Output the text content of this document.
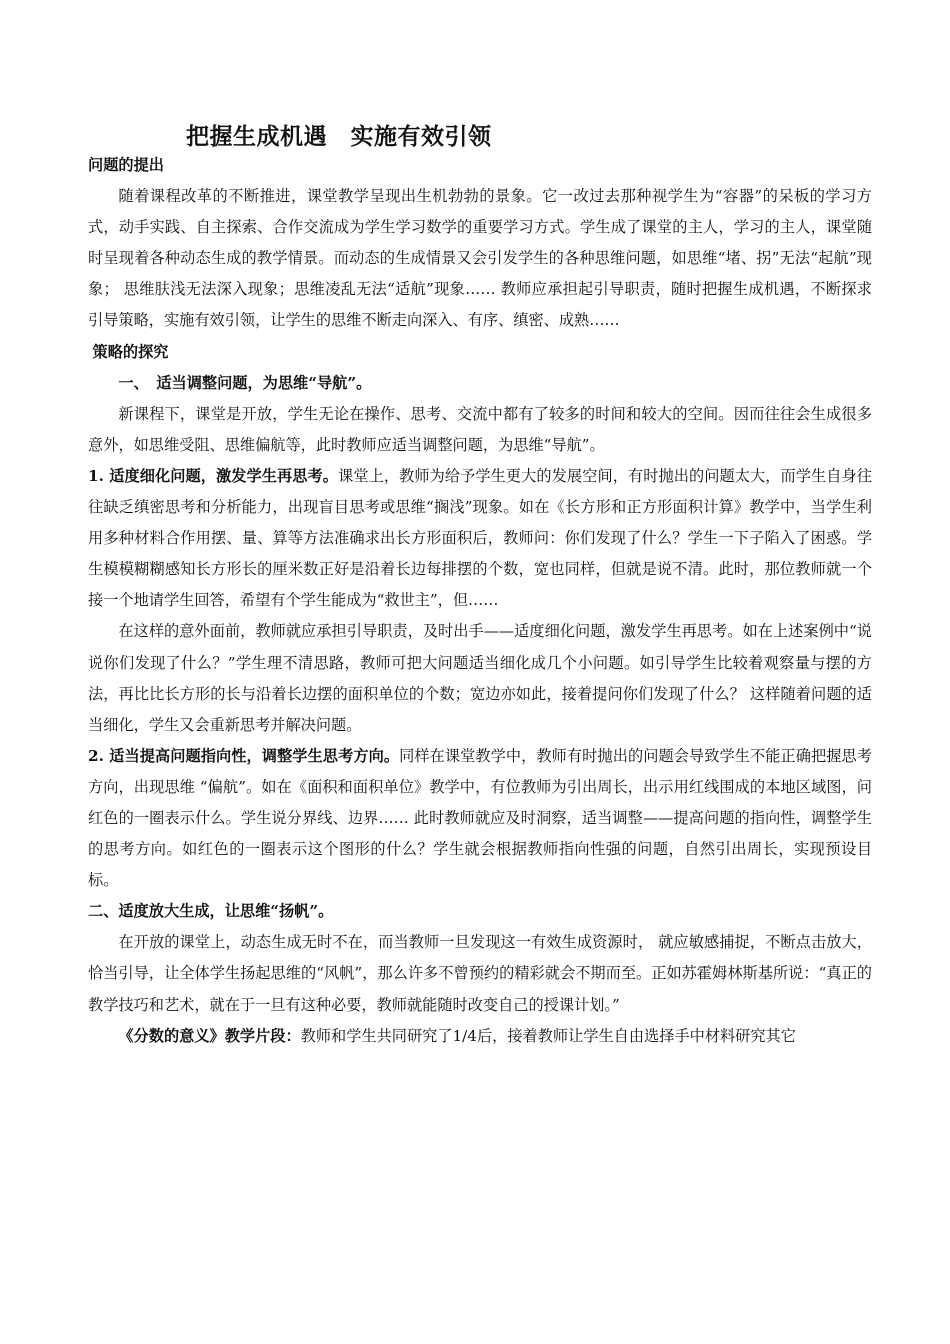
把握生成机遇　实施有效引领

问题的提出

随着课程改革的不断推进，课堂教学呈现出生机勃勃的景象。它一改过去那种视学生为“容器”的呆板的学习方式，动手实践、自主探索、合作交流成为学生学习数学的重要学习方式。学生成了课堂的主人，学习的主人，课堂随时呈现着各种动态生成的教学情景。而动态的生成情景又会引发学生的各种思维问题，如思维“堵、拐”无法“起航”现象； 思维肤浅无法深入现象；思维凌乱无法“适航”现象…… 教师应承担起引导职责，随时把握生成机遇，不断探求引导策略，实施有效引领，让学生的思维不断走向深入、有序、缜密、成熟……

策略的探究

一、　适当调整问题，为思维“导航”。

新课程下，课堂是开放，学生无论在操作、思考、交流中都有了较多的时间和较大的空间。因而往往会生成很多意外，如思维受阻、思维偏航等，此时教师应适当调整问题，为思维“导航”。

1. 适度细化问题，激发学生再思考。课堂上，教师为给予学生更大的发展空间，有时抛出的问题太大，而学生自身往往缺乏缜密思考和分析能力，出现盲目思考或思维“搁浅”现象。如在《长方形和正方形面积计算》教学中，当学生利用多种材料合作用摆、量、算等方法准确求出长方形面积后，教师问：你们发现了什么？学生一下子陷入了困惑。学生模模糊糊感知长方形长的厘米数正好是沿着长边每排摆的个数，宽也同样，但就是说不清。此时，那位教师就一个接一个地请学生回答，希望有个学生能成为“救世主”，但……

在这样的意外面前，教师就应承担引导职责，及时出手——适度细化问题，激发学生再思考。如在上述案例中“说说你们发现了什么？”学生理不清思路，教师可把大问题适当细化成几个小问题。如引导学生比较着观察量与摆的方法，再比比长方形的长与沿着长边摆的面积单位的个数；宽边亦如此，接着提问你们发现了什么？ 这样随着问题的适当细化，学生又会重新思考并解决问题。

2. 适当提高问题指向性，调整学生思考方向。同样在课堂教学中，教师有时抛出的问题会导致学生不能正确把握思考方向，出现思维 “偏航”。如在《面积和面积单位》教学中，有位教师为引出周长，出示用红线围成的本地区域图，问红色的一圈表示什么。学生说分界线、边界…… 此时教师就应及时洞察，适当调整——提高问题的指向性，调整学生的思考方向。如红色的一圈表示这个图形的什么？学生就会根据教师指向性强的问题，自然引出周长，实现预设目标。

二、适度放大生成，让思维“扬帆”。

在开放的课堂上，动态生成无时不在，而当教师一旦发现这一有效生成资源时， 就应敏感捕捉，不断点击放大，恰当引导，让全体学生扬起思维的“风帆”，那么许多不曾预约的精彩就会不期而至。正如苏霍姆林斯基所说：“真正的教学技巧和艺术，就在于一旦有这种必要，教师就能随时改变自己的授课计划。”

《分数的意义》教学片段：教师和学生共同研究了1/4后，接着教师让学生自由选择手中材料研究其它
